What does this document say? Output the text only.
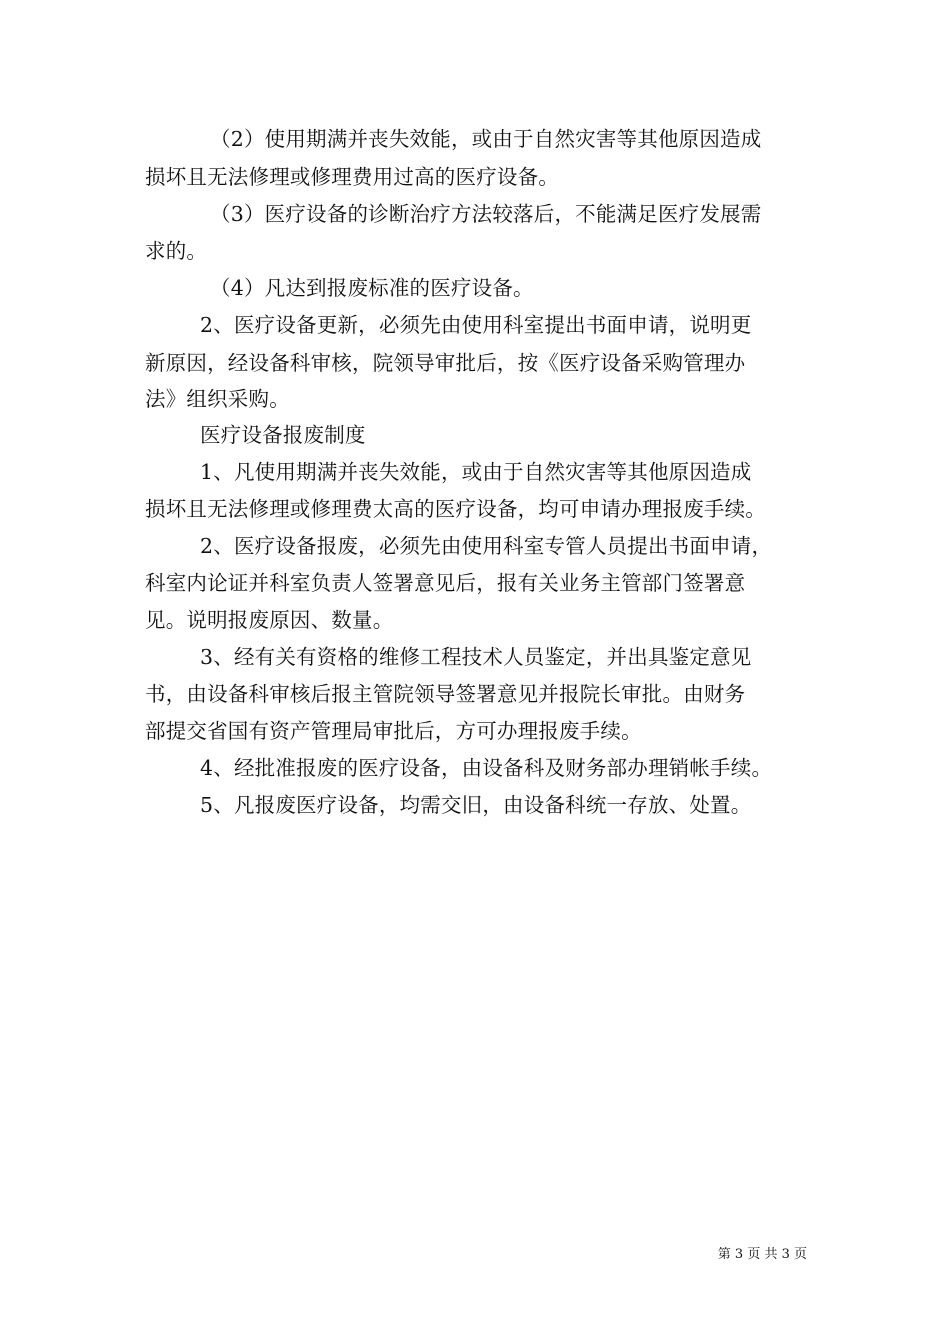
（2）使用期满并丧失效能，或由于自然灾害等其他原因造成
损坏且无法修理或修理费用过高的医疗设备。
（3）医疗设备的诊断治疗方法较落后，不能满足医疗发展需
求的。
（4）凡达到报废标准的医疗设备。
2、医疗设备更新，必须先由使用科室提出书面申请，说明更
新原因，经设备科审核，院领导审批后，按《医疗设备采购管理办
法》组织采购。
医疗设备报废制度
1、凡使用期满并丧失效能，或由于自然灾害等其他原因造成
损坏且无法修理或修理费太高的医疗设备，均可申请办理报废手续。
2、医疗设备报废，必须先由使用科室专管人员提出书面申请，
科室内论证并科室负责人签署意见后，报有关业务主管部门签署意
见。说明报废原因、数量。
3、经有关有资格的维修工程技术人员鉴定，并出具鉴定意见
书，由设备科审核后报主管院领导签署意见并报院长审批。由财务
部提交省国有资产管理局审批后，方可办理报废手续。
4、经批准报废的医疗设备，由设备科及财务部办理销帐手续。
5、凡报废医疗设备，均需交旧，由设备科统一存放、处置。
第 3 页 共 3 页
